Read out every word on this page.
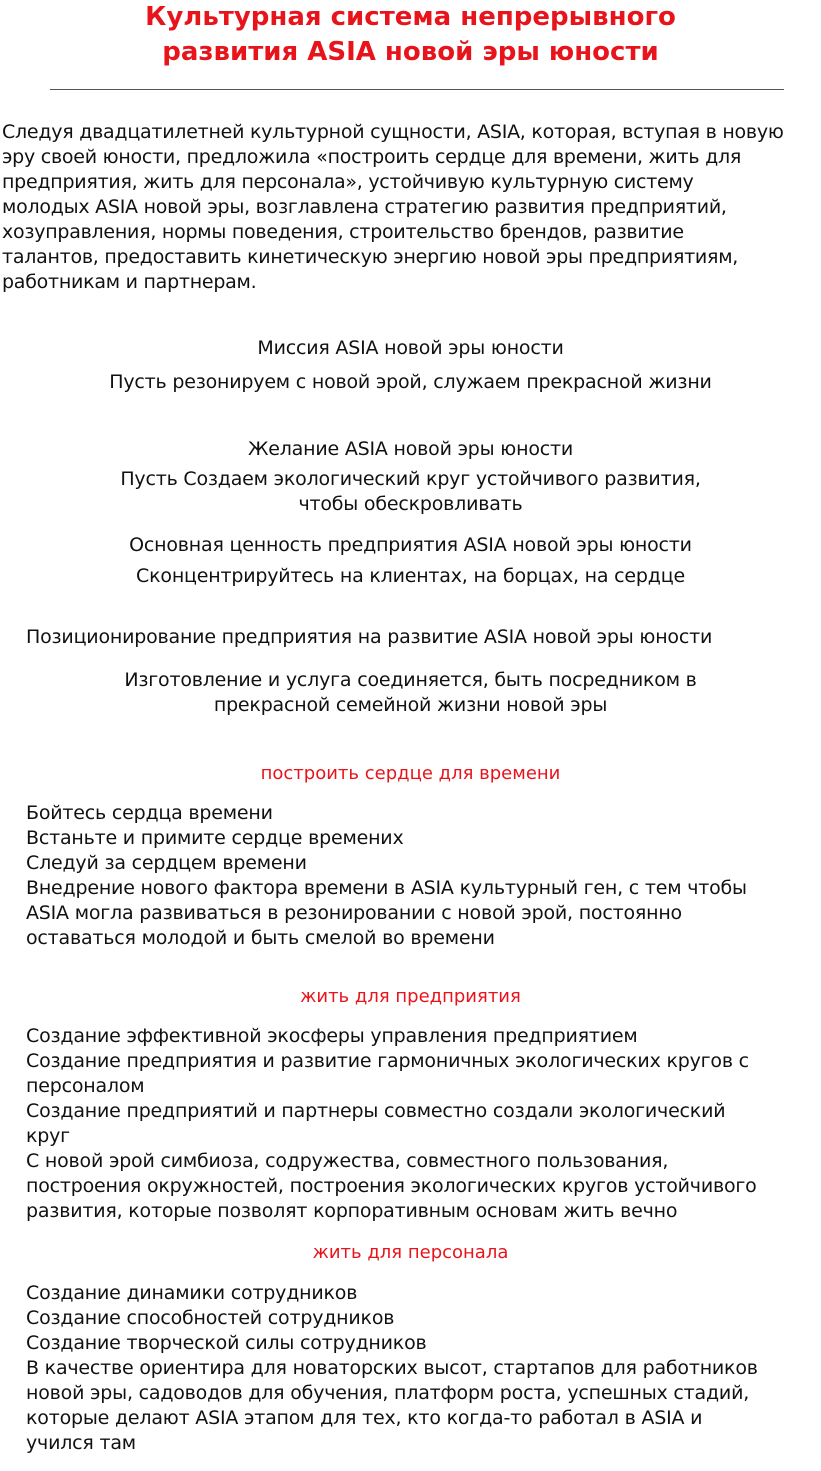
Культурная система непрерывного
развития ASIA новой эры юности

Следуя двадцатилетней культурной сущности, ASIA, которая, вступая в новую
эру своей юности, предложила «построить сердце для времени, жить для
предприятия, жить для персонала», устойчивую культурную систему
молодых ASIA новой эры, возглавлена стратегию развития предприятий,
хозуправления, нормы поведения, строительство брендов, развитие
талантов, предоставить кинетическую энергию новой эры предприятиям,
работникам и партнерам.

Миссия ASIA новой эры юности
Пусть резонируем с новой эрой, служаем прекрасной жизни
Желание ASIA новой эры юности
Пусть Создаем экологический круг устойчивого развития,
чтобы обескровливать
Основная ценность предприятия ASIA новой эры юности
Сконцентрируйтесь на клиентах, на борцах, на сердце
Позиционирование предприятия на развитие ASIA новой эры юности
Изготовление и услуга соединяется, быть посредником в
прекрасной семейной жизни новой эры
построить сердце для времени
Бойтесь сердца времени
Встаньте и примите сердце времених
Следуй за сердцем времени
Внедрение нового фактора времени в ASIA культурный ген, с тем чтобы
ASIA могла развиваться в резонировании с новой эрой, постоянно
оставаться молодой и быть смелой во времени
жить для предприятия
Создание эффективной экосферы управления предприятием
Создание предприятия и развитие гармоничных экологических кругов с
персоналом
Создание предприятий и партнеры совместно создали экологический
круг
С новой эрой симбиоза, содружества, совместного пользования,
построения окружностей, построения экологических кругов устойчивого
развития, которые позволят корпоративным основам жить вечно
жить для персонала
Создание динамики сотрудников
Создание способностей сотрудников
Создание творческой силы сотрудников
В качестве ориентира для новаторских высот, стартапов для работников
новой эры, садоводов для обучения, платформ роста, успешных стадий,
которые делают ASIA этапом для тех, кто когда-то работал в ASIA и
учился там
